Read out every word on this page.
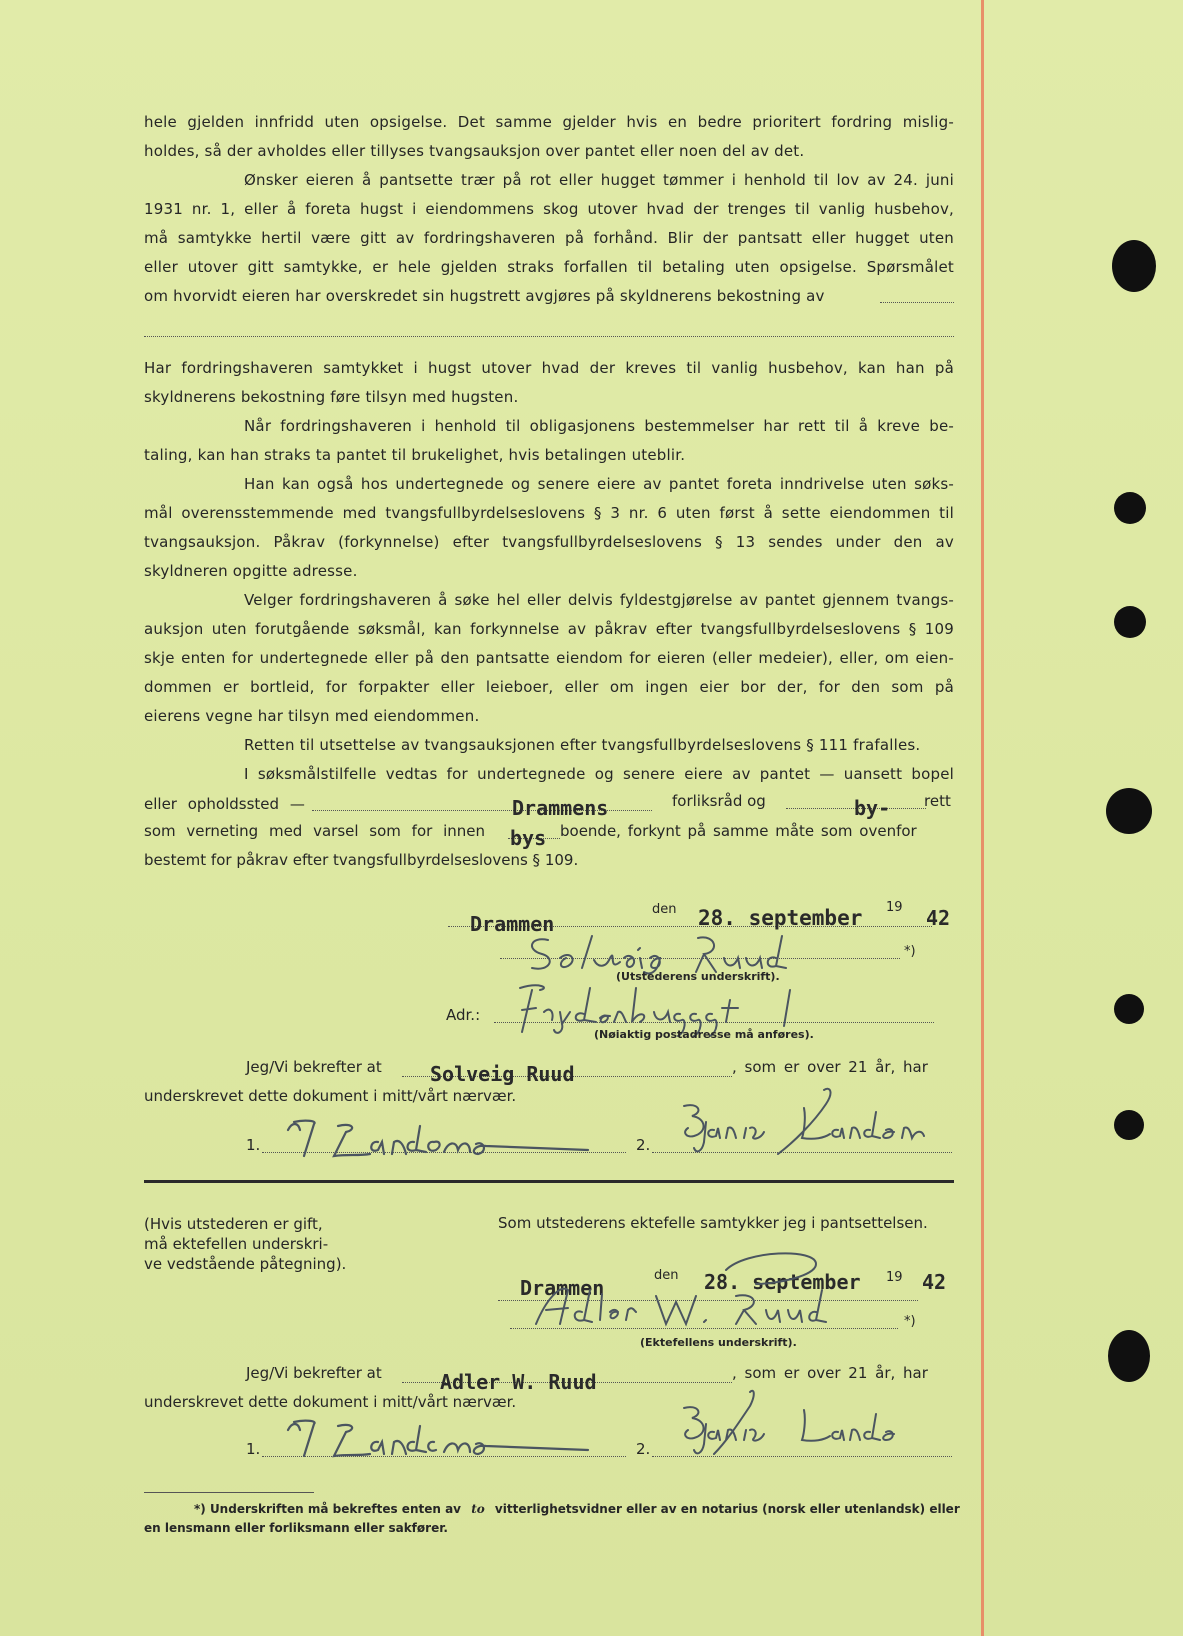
hele gjelden innfridd uten opsigelse. Det samme gjelder hvis en bedre prioritert fordring mislig-
holdes, så der avholdes eller tillyses tvangsauksjon over pantet eller noen del av det.
Ønsker eieren å pantsette trær på rot eller hugget tømmer i henhold til lov av 24. juni
1931 nr. 1, eller å foreta hugst i eiendommens skog utover hvad der trenges til vanlig husbehov,
må samtykke hertil være gitt av fordringshaveren på forhånd. Blir der pantsatt eller hugget uten
eller utover gitt samtykke, er hele gjelden straks forfallen til betaling uten opsigelse. Spørsmålet
om hvorvidt eieren har overskredet sin hugstrett avgjøres på skyldnerens bekostning av
Har fordringshaveren samtykket i hugst utover hvad der kreves til vanlig husbehov, kan han på
skyldnerens bekostning føre tilsyn med hugsten.
Når fordringshaveren i henhold til obligasjonens bestemmelser har rett til å kreve be-
taling, kan han straks ta pantet til brukelighet, hvis betalingen uteblir.
Han kan også hos undertegnede og senere eiere av pantet foreta inndrivelse uten søks-
mål overensstemmende med tvangsfullbyrdelseslovens § 3 nr. 6 uten først å sette eiendommen til
tvangsauksjon. Påkrav (forkynnelse) efter tvangsfullbyrdelseslovens § 13 sendes under den av
skyldneren opgitte adresse.
Velger fordringshaveren å søke hel eller delvis fyldestgjørelse av pantet gjennem tvangs-
auksjon uten forutgående søksmål, kan forkynnelse av påkrav efter tvangsfullbyrdelseslovens § 109
skje enten for undertegnede eller på den pantsatte eiendom for eieren (eller medeier), eller, om eien-
dommen er bortleid, for forpakter eller leieboer, eller om ingen eier bor der, for den som på
eierens vegne har tilsyn med eiendommen.
Retten til utsettelse av tvangsauksjonen efter tvangsfullbyrdelseslovens § 111 frafalles.
I søksmålstilfelle vedtas for undertegnede og senere eiere av pantet — uansett bopel
eller opholdssted —	Drammens	forliksråd og	by- rett
som verneting med varsel som for innen bys boende, forkynt på samme måte som ovenfor
bestemt for påkrav efter tvangsfullbyrdelseslovens § 109.
Drammen
den 28. september 19 42
*)
(Utstederens underskrift).
Adr.:
(Nøiaktig postadresse må anføres).
Jeg/Vi bekrefter at Solveig Ruud	, som er over 21 år, har
underskrevet dette dokument i mitt/vårt nærvær.
1.	2.
(Hvis utstederen er gift,
må ektefellen underskri-
ve vedstående påtegning).
Som utstederens ektefelle samtykker jeg i pantsettelsen.
Drammen
den 28. september 19 42
*)
(Ektefellens underskrift).
Jeg/Vi bekrefter at	Adler W. Ruud	, som er over 21 år, har
underskrevet dette dokument i mitt/vårt nærvær.
1.	2.
*) Underskriften må bekreftes enten av to vitterlighetsvidner eller av en notarius (norsk eller utenlandsk) eller
en lensmann eller forliksmann eller sakfører.
